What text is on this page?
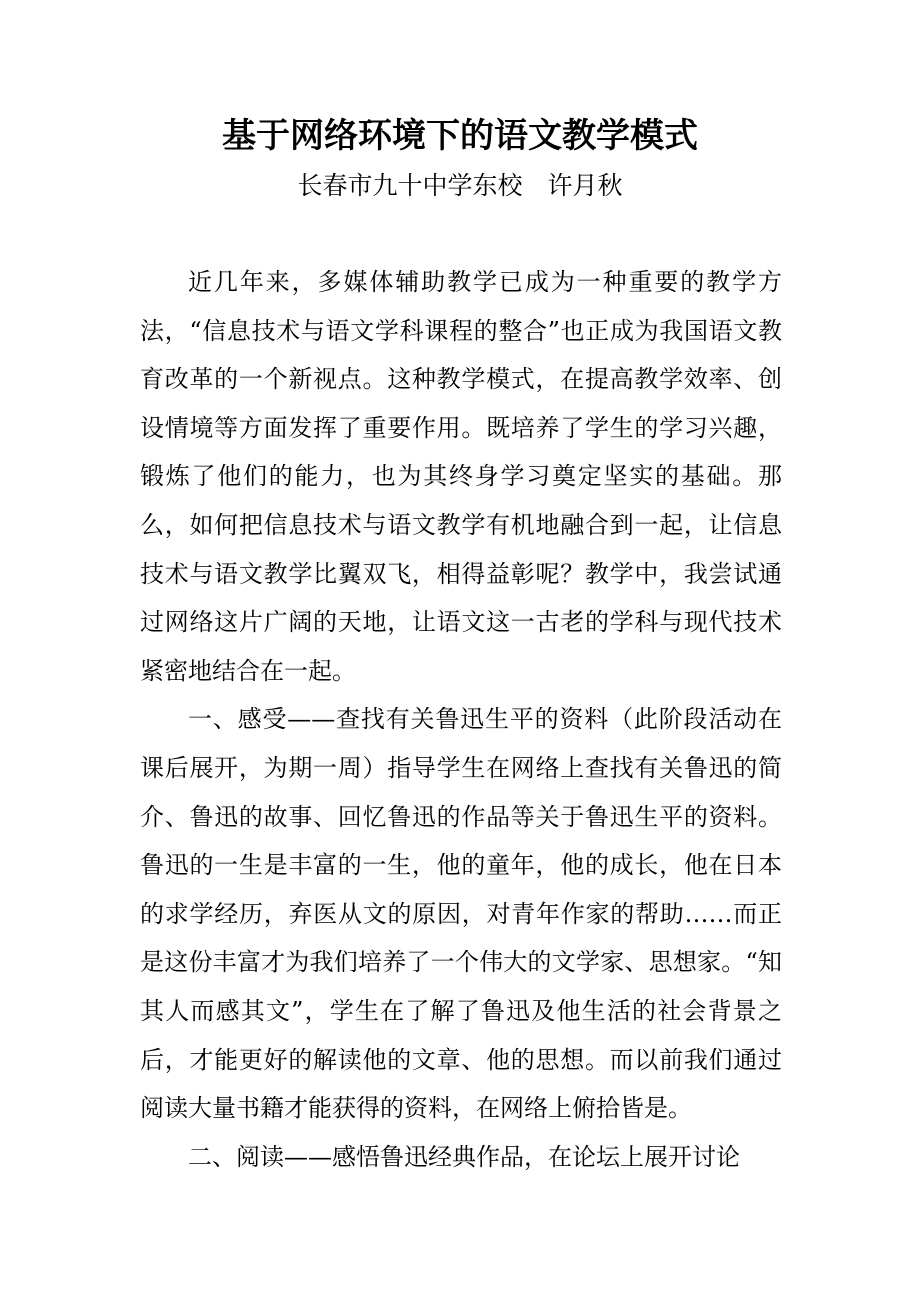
基于网络环境下的语文教学模式
长春市九十中学东校　许月秋

近几年来，多媒体辅助教学已成为一种重要的教学方法，“信息技术与语文学科课程的整合”也正成为我国语文教育改革的一个新视点。这种教学模式，在提高教学效率、创设情境等方面发挥了重要作用。既培养了学生的学习兴趣，锻炼了他们的能力，也为其终身学习奠定坚实的基础。那么，如何把信息技术与语文教学有机地融合到一起，让信息技术与语文教学比翼双飞，相得益彰呢？教学中，我尝试通过网络这片广阔的天地，让语文这一古老的学科与现代技术紧密地结合在一起。

一、感受——查找有关鲁迅生平的资料（此阶段活动在课后展开，为期一周）指导学生在网络上查找有关鲁迅的简介、鲁迅的故事、回忆鲁迅的作品等关于鲁迅生平的资料。鲁迅的一生是丰富的一生，他的童年，他的成长，他在日本的求学经历，弃医从文的原因，对青年作家的帮助……而正是这份丰富才为我们培养了一个伟大的文学家、思想家。“知其人而感其文”，学生在了解了鲁迅及他生活的社会背景之后，才能更好的解读他的文章、他的思想。而以前我们通过阅读大量书籍才能获得的资料，在网络上俯拾皆是。

二、阅读——感悟鲁迅经典作品，在论坛上展开讨论
